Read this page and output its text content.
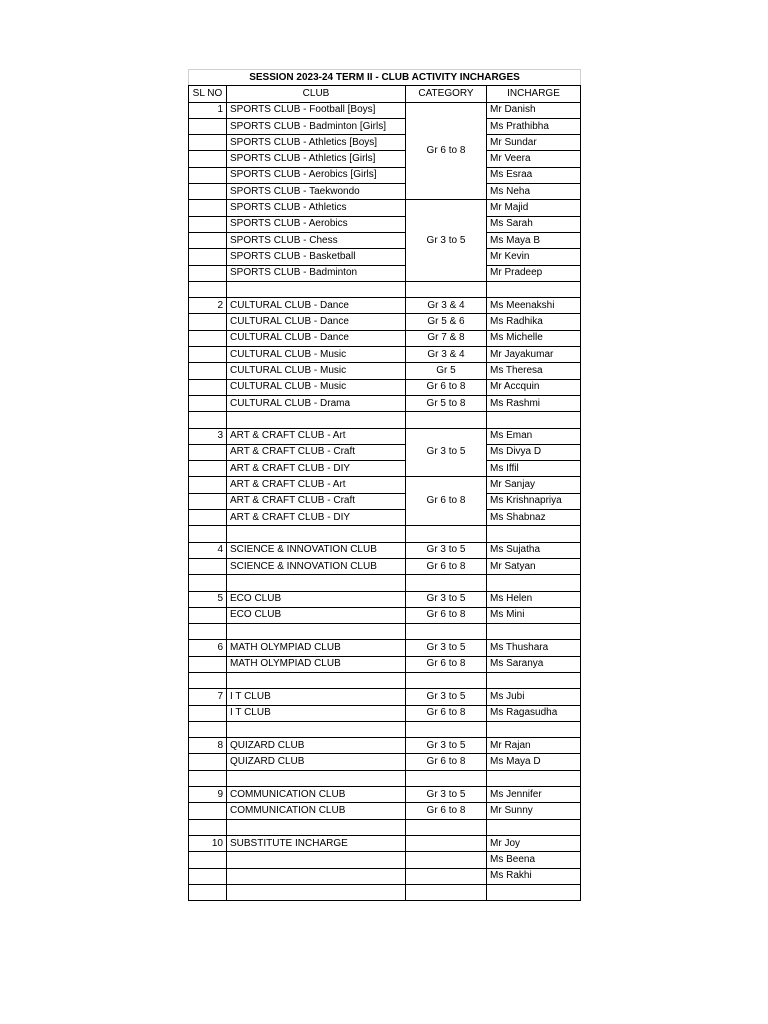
SESSION 2023-24 TERM II - CLUB ACTIVITY INCHARGES			
SL NO	CLUB	CATEGORY	INCHARGE
1	SPORTS CLUB - Football [Boys]	Gr 6 to 8	Mr Danish
	SPORTS CLUB - Badminton [Girls]		Ms Prathibha
	SPORTS CLUB - Athletics [Boys]		Mr Sundar
	SPORTS CLUB - Athletics [Girls]		Mr Veera
	SPORTS CLUB - Aerobics [Girls]		Ms Esraa
	SPORTS CLUB - Taekwondo		Ms Neha
	SPORTS CLUB - Athletics	Gr 3 to 5	Mr Majid
	SPORTS CLUB - Aerobics		Ms Sarah
	SPORTS CLUB - Chess		Ms Maya B
	SPORTS CLUB - Basketball		Mr Kevin
	SPORTS CLUB - Badminton		Mr Pradeep

2	CULTURAL CLUB - Dance	Gr 3 & 4	Ms Meenakshi
	CULTURAL CLUB - Dance	Gr 5 & 6	Ms Radhika
	CULTURAL CLUB - Dance	Gr 7 & 8	Ms Michelle
	CULTURAL CLUB - Music	Gr 3 & 4	Mr Jayakumar
	CULTURAL CLUB - Music	Gr 5	Ms Theresa
	CULTURAL CLUB - Music	Gr 6 to 8	Mr Accquin
	CULTURAL CLUB - Drama	Gr 5 to 8	Ms Rashmi

3	ART & CRAFT CLUB - Art	Gr 3 to 5	Ms Eman
	ART & CRAFT CLUB - Craft		Ms Divya D
	ART & CRAFT CLUB - DIY		Ms Iffil
	ART & CRAFT CLUB - Art	Gr 6 to 8	Mr Sanjay
	ART & CRAFT CLUB - Craft		Ms Krishnapriya
	ART & CRAFT CLUB - DIY		Ms Shabnaz

4	SCIENCE & INNOVATION CLUB	Gr 3 to 5	Ms Sujatha
	SCIENCE & INNOVATION CLUB	Gr 6 to 8	Mr Satyan

5	ECO CLUB	Gr 3 to 5	Ms Helen
	ECO CLUB	Gr 6 to 8	Ms Mini

6	MATH OLYMPIAD CLUB	Gr 3 to 5	Ms Thushara
	MATH OLYMPIAD CLUB	Gr 6 to 8	Ms Saranya

7	I T CLUB	Gr 3 to 5	Ms Jubi
	I T CLUB	Gr 6 to 8	Ms Ragasudha

8	QUIZARD CLUB	Gr 3 to 5	Mr Rajan
	QUIZARD CLUB	Gr 6 to 8	Ms Maya D

9	COMMUNICATION CLUB	Gr 3 to 5	Ms Jennifer
	COMMUNICATION CLUB	Gr 6 to 8	Mr Sunny

10	SUBSTITUTE INCHARGE		Mr Joy
			Ms Beena
			Ms Rakhi
